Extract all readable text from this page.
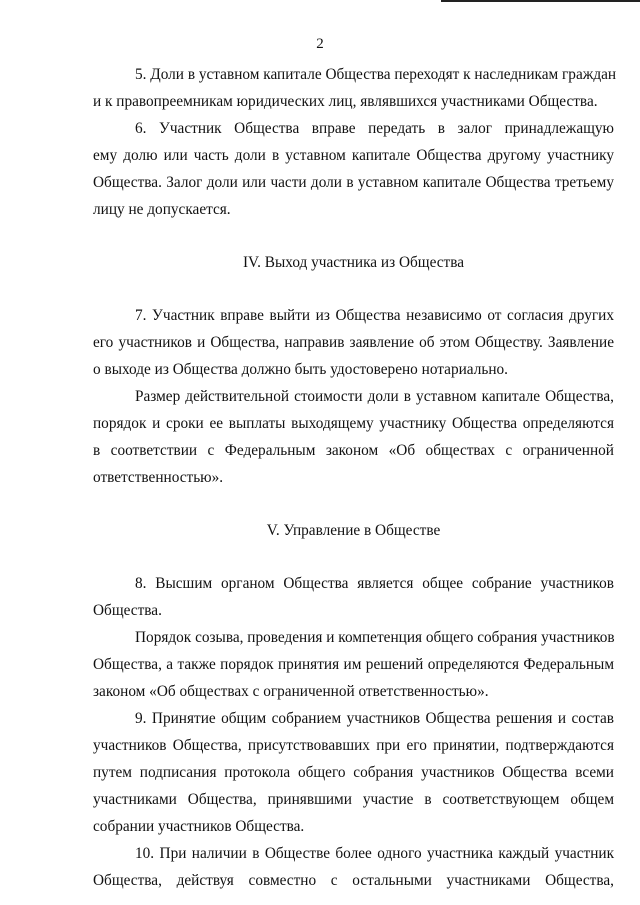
2
5. Доли в уставном капитале Общества переходят к наследникам граждан
и к правопреемникам юридических лиц, являвшихся участниками Общества.
6. Участник Общества вправе передать в залог принадлежащую
ему долю или часть доли в уставном капитале Общества другому участнику
Общества. Залог доли или части доли в уставном капитале Общества третьему
лицу не допускается.
IV. Выход участника из Общества
7. Участник вправе выйти из Общества независимо от согласия других
его участников и Общества, направив заявление об этом Обществу. Заявление
о выходе из Общества должно быть удостоверено нотариально.
Размер действительной стоимости доли в уставном капитале Общества,
порядок и сроки ее выплаты выходящему участнику Общества определяются
в соответствии с Федеральным законом «Об обществах с ограниченной
ответственностью».
V. Управление в Обществе
8. Высшим органом Общества является общее собрание участников
Общества.
Порядок созыва, проведения и компетенция общего собрания участников
Общества, а также порядок принятия им решений определяются Федеральным
законом «Об обществах с ограниченной ответственностью».
9. Принятие общим собранием участников Общества решения и состав
участников Общества, присутствовавших при его принятии, подтверждаются
путем подписания протокола общего собрания участников Общества всеми
участниками Общества, принявшими участие в соответствующем общем
собрании участников Общества.
10. При наличии в Обществе более одного участника каждый участник
Общества, действуя совместно с остальными участниками Общества,
